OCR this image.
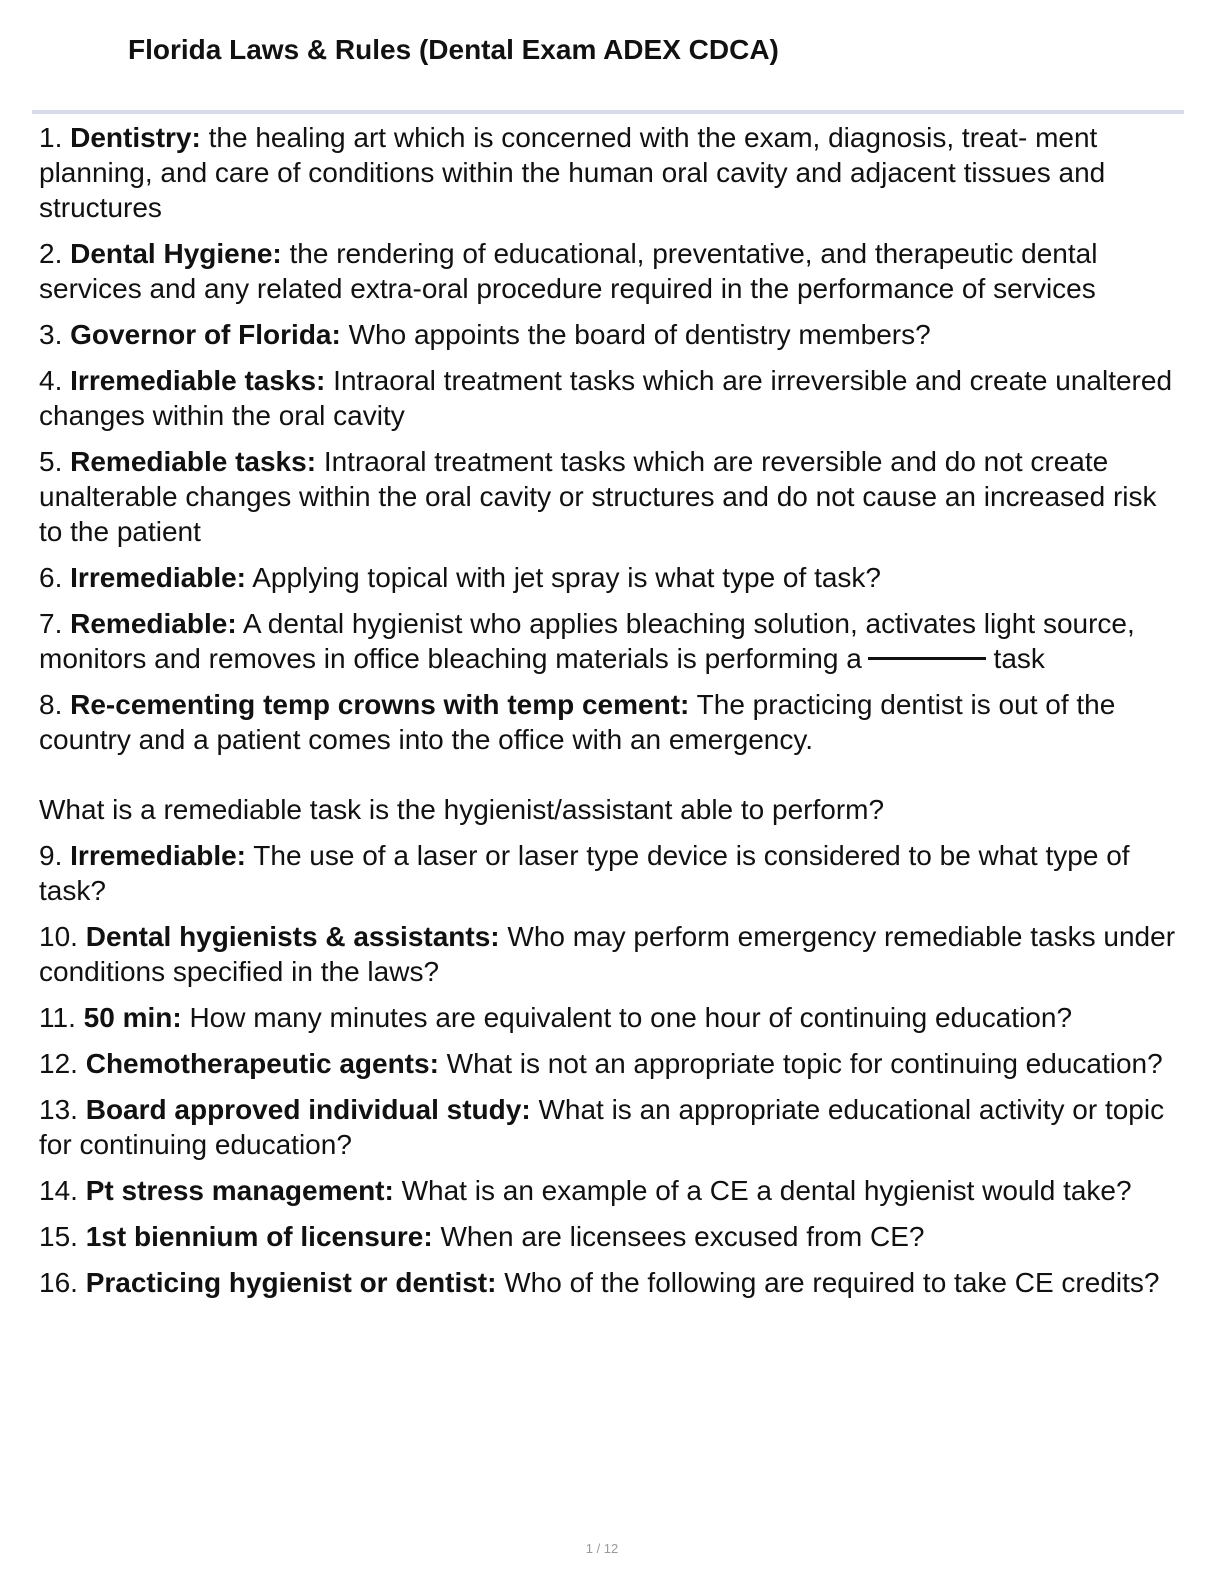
Florida Laws & Rules (Dental Exam ADEX CDCA)
1. Dentistry: the healing art which is concerned with the exam, diagnosis, treat- ment planning, and care of conditions within the human oral cavity and adjacent tissues and structures
2. Dental Hygiene: the rendering of educational, preventative, and therapeutic dental services and any related extra-oral procedure required in the performance of services
3. Governor of Florida: Who appoints the board of dentistry members?
4. Irremediable tasks: Intraoral treatment tasks which are irreversible and create unaltered changes within the oral cavity
5. Remediable tasks: Intraoral treatment tasks which are reversible and do not create unalterable changes within the oral cavity or structures and do not cause an increased risk to the patient
6. Irremediable: Applying topical with jet spray is what type of task?
7. Remediable: A dental hygienist who applies bleaching solution, activates light source, monitors and removes in office bleaching materials is performing a	task
8. Re-cementing temp crowns with temp cement: The practicing dentist is out of the country and a patient comes into the office with an emergency.
What is a remediable task is the hygienist/assistant able to perform?
9. Irremediable: The use of a laser or laser type device is considered to be what type of task?
10. Dental hygienists & assistants: Who may perform emergency remediable tasks under conditions specified in the laws?
11. 50 min: How many minutes are equivalent to one hour of continuing education?
12. Chemotherapeutic agents: What is not an appropriate topic for continuing education?
13. Board approved individual study: What is an appropriate educational activity or topic for continuing education?
14. Pt stress management: What is an example of a CE a dental hygienist would take?
15. 1st biennium of licensure: When are licensees excused from CE?
16. Practicing hygienist or dentist: Who of the following are required to take CE credits?
1 / 12
